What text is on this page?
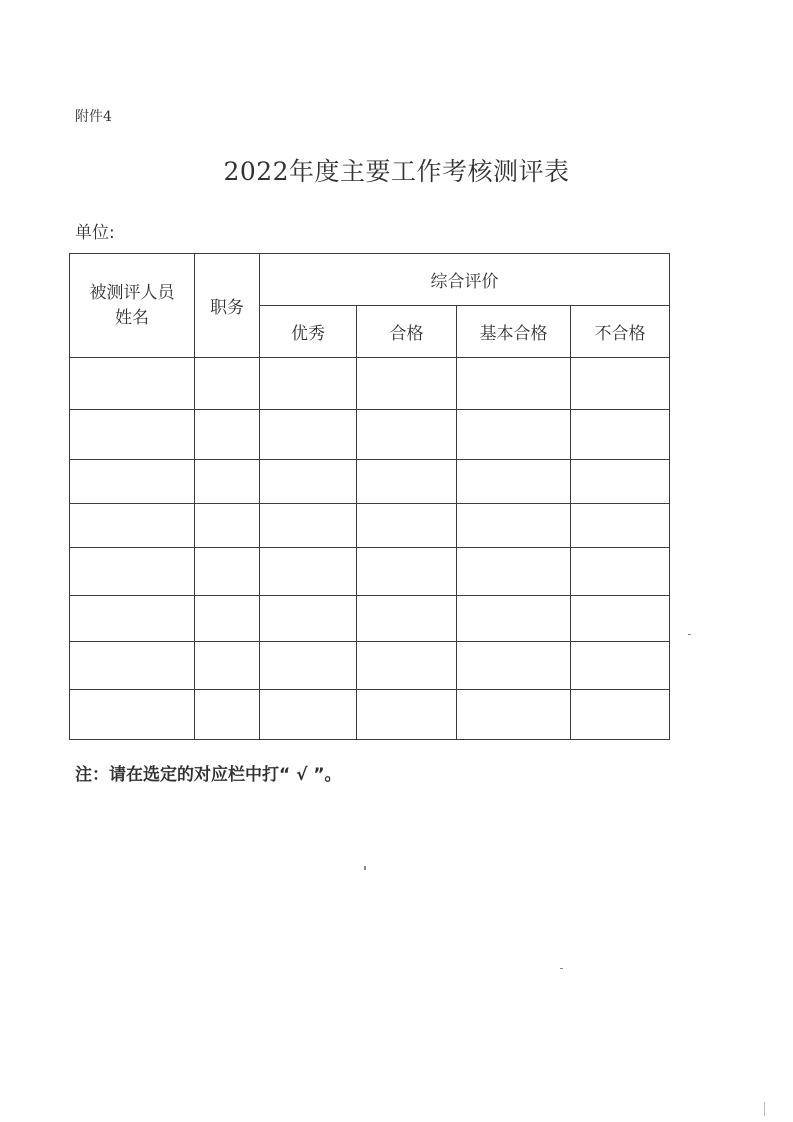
附件4
2022年度主要工作考核测评表
单位:
被测评人员
姓名	职务	综合评价			
		优秀	合格	基本合格	不合格

注：请在选定的对应栏中打“ √ ”。
